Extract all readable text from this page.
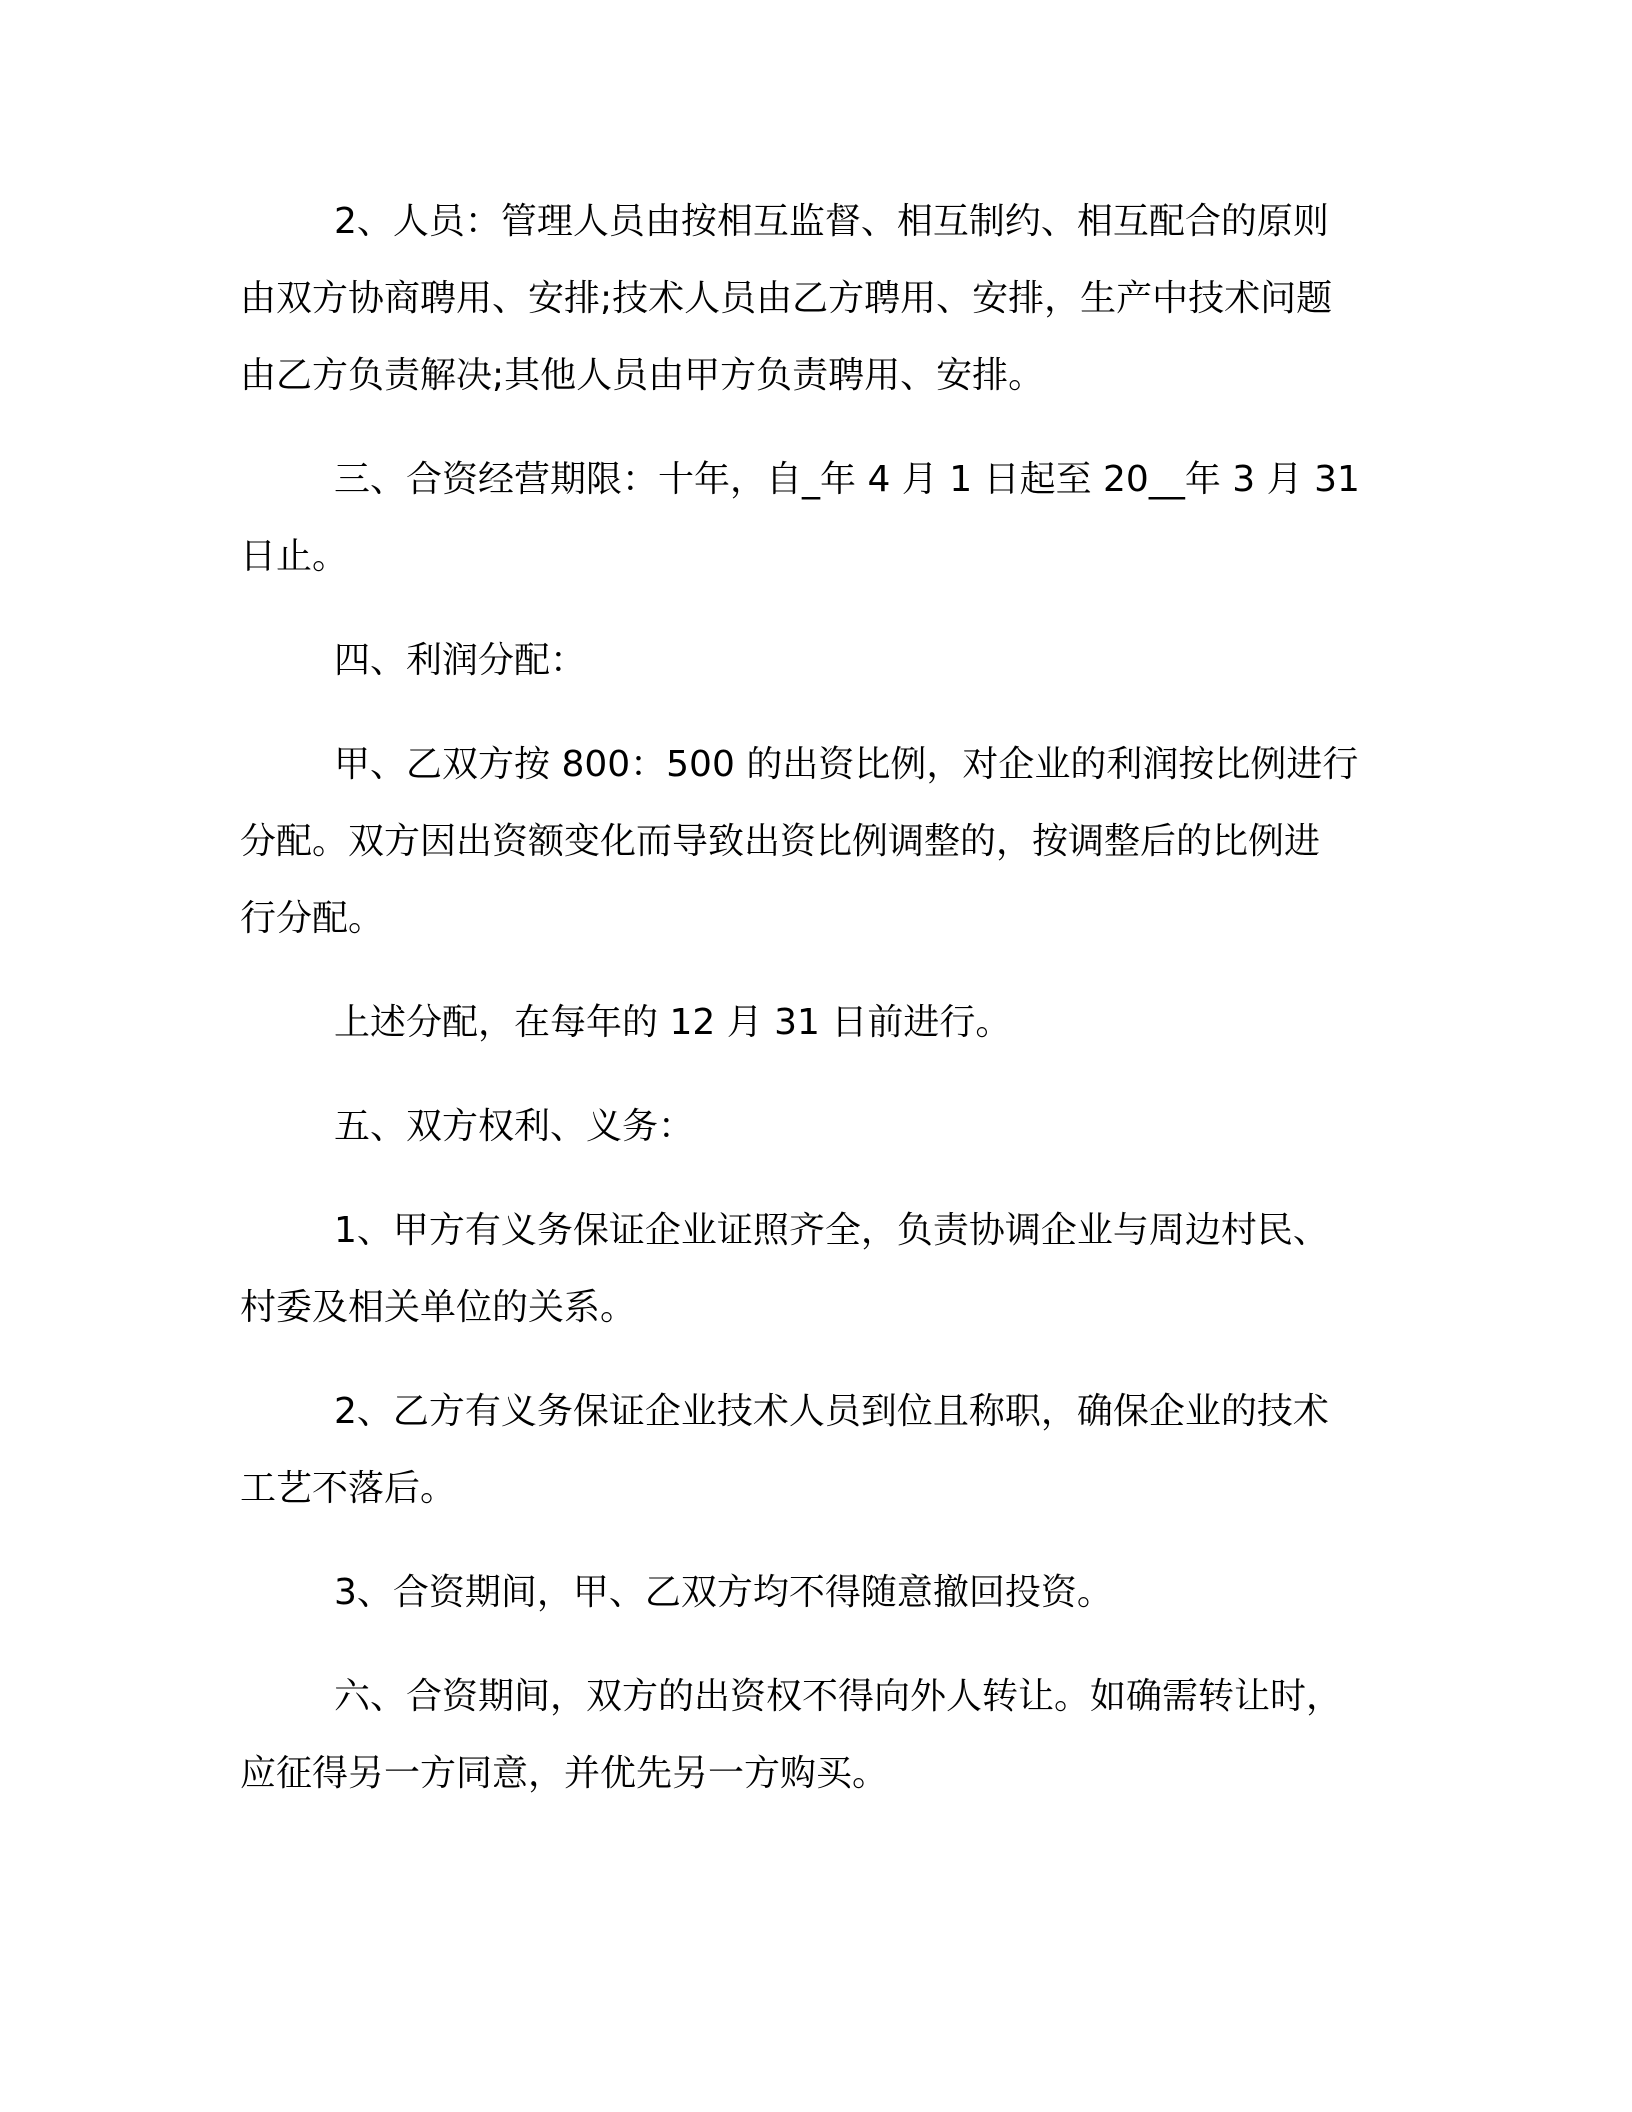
2、人员：管理人员由按相互监督、相互制约、相互配合的原则
由双方协商聘用、安排;技术人员由乙方聘用、安排，生产中技术问题
由乙方负责解决;其他人员由甲方负责聘用、安排。
三、合资经营期限：十年，自_年 4 月 1 日起至 20__年 3 月 31
日止。
四、利润分配：
甲、乙双方按 800：500 的出资比例，对企业的利润按比例进行
分配。双方因出资额变化而导致出资比例调整的，按调整后的比例进
行分配。
上述分配，在每年的 12 月 31 日前进行。
五、双方权利、义务：
1、甲方有义务保证企业证照齐全，负责协调企业与周边村民、
村委及相关单位的关系。
2、乙方有义务保证企业技术人员到位且称职，确保企业的技术
工艺不落后。
3、合资期间，甲、乙双方均不得随意撤回投资。
六、合资期间，双方的出资权不得向外人转让。如确需转让时，
应征得另一方同意，并优先另一方购买。
